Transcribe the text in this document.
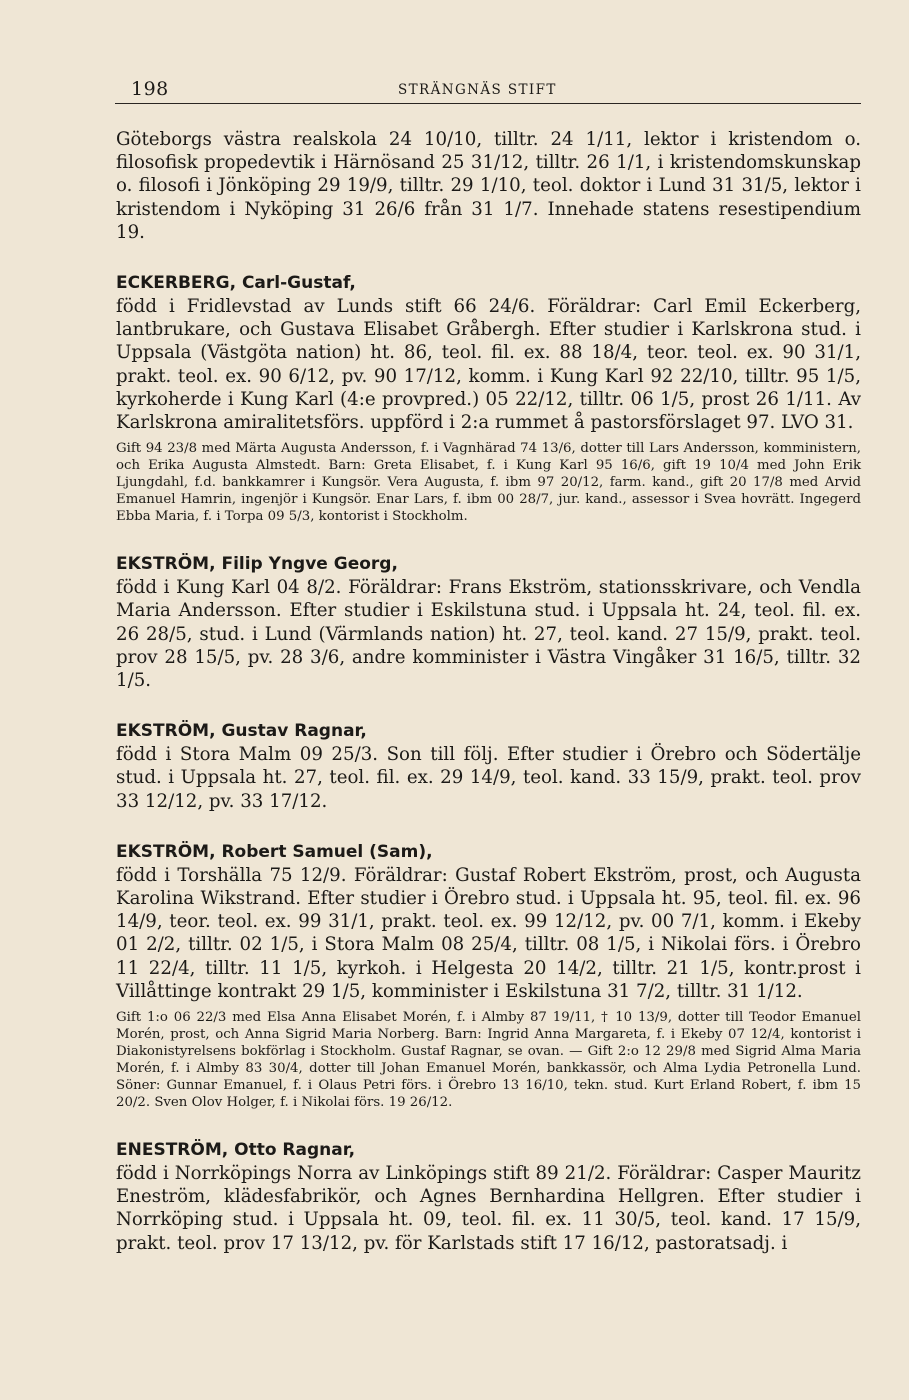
198	STRÄNGNÄS STIFT

Göteborgs västra realskola 24 10/10, tilltr. 24 1/11, lektor i kristendom o. filosofisk propedevtik i Härnösand 25 31/12, tilltr. 26 1/1, i kristendomskunskap o. filosofi i Jönköping 29 19/9, tilltr. 29 1/10, teol. doktor i Lund 31 31/5, lektor i kristendom i Nyköping 31 26/6 från 31 1/7. Innehade statens resestipendium 19.

ECKERBERG, Carl-Gustaf,

född i Fridlevstad av Lunds stift 66 24/6. Föräldrar: Carl Emil Eckerberg, lantbrukare, och Gustava Elisabet Gråbergh. Efter studier i Karlskrona stud. i Uppsala (Västgöta nation) ht. 86, teol. fil. ex. 88 18/4, teor. teol. ex. 90 31/1, prakt. teol. ex. 90 6/12, pv. 90 17/12, komm. i Kung Karl 92 22/10, tilltr. 95 1/5, kyrkoherde i Kung Karl (4:e provpred.) 05 22/12, tilltr. 06 1/5, prost 26 1/11. Av Karlskrona amiralitetsförs. uppförd i 2:a rummet å pastorsförslaget 97. LVO 31.

Gift 94 23/8 med Märta Augusta Andersson, f. i Vagnhärad 74 13/6, dotter till Lars Andersson, komministern, och Erika Augusta Almstedt. Barn: Greta Elisabet, f. i Kung Karl 95 16/6, gift 19 10/4 med John Erik Ljungdahl, f.d. bankkamrer i Kungsör. Vera Augusta, f. ibm 97 20/12, farm. kand., gift 20 17/8 med Arvid Emanuel Hamrin, ingenjör i Kungsör. Enar Lars, f. ibm 00 28/7, jur. kand., assessor i Svea hovrätt. Ingegerd Ebba Maria, f. i Torpa 09 5/3, kontorist i Stockholm.

EKSTRÖM, Filip Yngve Georg,

född i Kung Karl 04 8/2. Föräldrar: Frans Ekström, stationsskrivare, och Vendla Maria Andersson. Efter studier i Eskilstuna stud. i Uppsala ht. 24, teol. fil. ex. 26 28/5, stud. i Lund (Värmlands nation) ht. 27, teol. kand. 27 15/9, prakt. teol. prov 28 15/5, pv. 28 3/6, andre komminister i Västra Vingåker 31 16/5, tilltr. 32 1/5.

EKSTRÖM, Gustav Ragnar,

född i Stora Malm 09 25/3. Son till följ. Efter studier i Örebro och Södertälje stud. i Uppsala ht. 27, teol. fil. ex. 29 14/9, teol. kand. 33 15/9, prakt. teol. prov 33 12/12, pv. 33 17/12.

EKSTRÖM, Robert Samuel (Sam),

född i Torshälla 75 12/9. Föräldrar: Gustaf Robert Ekström, prost, och Augusta Karolina Wikstrand. Efter studier i Örebro stud. i Uppsala ht. 95, teol. fil. ex. 96 14/9, teor. teol. ex. 99 31/1, prakt. teol. ex. 99 12/12, pv. 00 7/1, komm. i Ekeby 01 2/2, tilltr. 02 1/5, i Stora Malm 08 25/4, tilltr. 08 1/5, i Nikolai förs. i Örebro 11 22/4, tilltr. 11 1/5, kyrkoh. i Helgesta 20 14/2, tilltr. 21 1/5, kontr.prost i Villåttinge kontrakt 29 1/5, komminister i Eskilstuna 31 7/2, tilltr. 31 1/12.

Gift 1:o 06 22/3 med Elsa Anna Elisabet Morén, f. i Almby 87 19/11, † 10 13/9, dotter till Teodor Emanuel Morén, prost, och Anna Sigrid Maria Norberg. Barn: Ingrid Anna Margareta, f. i Ekeby 07 12/4, kontorist i Diakonistyrelsens bokförlag i Stockholm. Gustaf Ragnar, se ovan. — Gift 2:o 12 29/8 med Sigrid Alma Maria Morén, f. i Almby 83 30/4, dotter till Johan Emanuel Morén, bankkassör, och Alma Lydia Petronella Lund. Söner: Gunnar Emanuel, f. i Olaus Petri förs. i Örebro 13 16/10, tekn. stud. Kurt Erland Robert, f. ibm 15 20/2. Sven Olov Holger, f. i Nikolai förs. 19 26/12.

ENESTRÖM, Otto Ragnar,

född i Norrköpings Norra av Linköpings stift 89 21/2. Föräldrar: Casper Mauritz Eneström, klädesfabrikör, och Agnes Bernhardina Hellgren. Efter studier i Norrköping stud. i Uppsala ht. 09, teol. fil. ex. 11 30/5, teol. kand. 17 15/9, prakt. teol. prov 17 13/12, pv. för Karlstads stift 17 16/12, pastoratsadj. i
